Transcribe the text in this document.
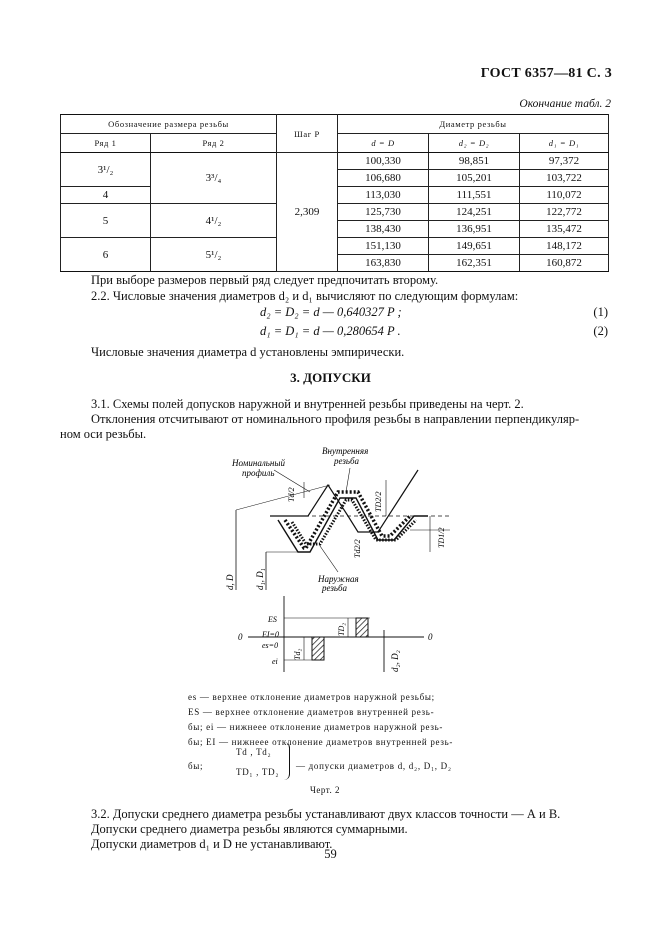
ГОСТ 6357—81 С. 3
Окончание табл. 2
Обозначение размера резьбы		Шаг P	Диаметр резьбы		
Ряд 1	Ряд 2		d = D	d₂ = D₂	d₁ = D₁
3¹/₂	3³/₄	2,309	100,330	98,851	97,372
			106,680	105,201	103,722
4			113,030	111,551	110,072
5	4¹/₂		125,730	124,251	122,772
			138,430	136,951	135,472
6	5¹/₂		151,130	149,651	148,172
			163,830	162,351	160,872
При выборе размеров первый ряд следует предпочитать второму.
2.2. Числовые значения диаметров d₂ и d₁ вычисляют по следующим формулам:
d₂ = D₂ = d — 0,640327 P ;	(1)
d₁ = D₁ = d — 0,280654 P .	(2)
Числовые значения диаметра d установлены эмпирически.
3. ДОПУСКИ
3.1. Схемы полей допусков наружной и внутренней резьбы приведены на черт. 2.
Отклонения отсчитывают от номинального профиля резьбы в направлении перпендикуляр-
ном оси резьбы.
Номинальный
профиль
Внутренняя
резьба
Наружная
резьба
Td/2	TD2/2
TD1/2
Td2/2
d, D d₁, D₁
ES
EI=0
es=0
ei
0	0
TD₂
Td₂	d₂, D₂
es — верхнее отклонение диаметров наружной резьбы;
ES — верхнее отклонение диаметров внутренней резь-
бы; ei — нижнеее отклонение диаметров наружной резь-
бы; EI — нижнеее отклонение диаметров внутренней резь-
бы;
Td , Td₂
TD₁ , TD₂
— допуски диаметров d, d₂, D₁, D₂
Черт. 2
3.2. Допуски среднего диаметра резьбы устанавливают двух классов точности — А и В.
Допуски среднего диаметра резьбы являются суммарными.
Допуски диаметров d₁ и D не устанавливают.
59
